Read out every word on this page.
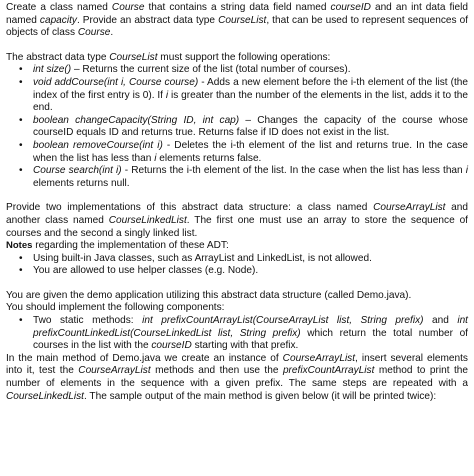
Create a class named Course that contains a string data field named courseID and an int data field named capacity. Provide an abstract data type CourseList, that can be used to represent sequences of objects of class Course.

The abstract data type CourseList must support the following operations:

• int size() – Returns the current size of the list (total number of courses).
• void addCourse(int i, Course course) - Adds a new element before the i-th element of the list (the index of the first entry is 0). If i is greater than the number of the elements in the list, adds it to the end.
• boolean changeCapacity(String ID, int cap) – Changes the capacity of the course whose courseID equals ID and returns true. Returns false if ID does not exist in the list.
• boolean removeCourse(int i) - Deletes the i-th element of the list and returns true. In the case when the list has less than i elements returns false.
• Course search(int i) - Returns the i-th element of the list. In the case when the list has less than i elements returns null.

Provide two implementations of this abstract data structure: a class named CourseArrayList and another class named CourseLinkedList. The first one must use an array to store the sequence of courses and the second a singly linked list.

Notes regarding the implementation of these ADT:

• Using built-in Java classes, such as ArrayList and LinkedList, is not allowed.
• You are allowed to use helper classes (e.g. Node).

You are given the demo application utilizing this abstract data structure (called Demo.java).

You should implement the following components:

• Two static methods: int prefixCountArrayList(CourseArrayList list, String prefix) and int prefixCountLinkedList(CourseLinkedList list, String prefix) which return the total number of courses in the list with the courseID starting with that prefix.

In the main method of Demo.java we create an instance of CourseArrayList, insert several elements into it, test the CourseArrayList methods and then use the prefixCountArrayList method to print the number of elements in the sequence with a given prefix. The same steps are repeated with a CourseLinkedList. The sample output of the main method is given below (it will be printed twice):
